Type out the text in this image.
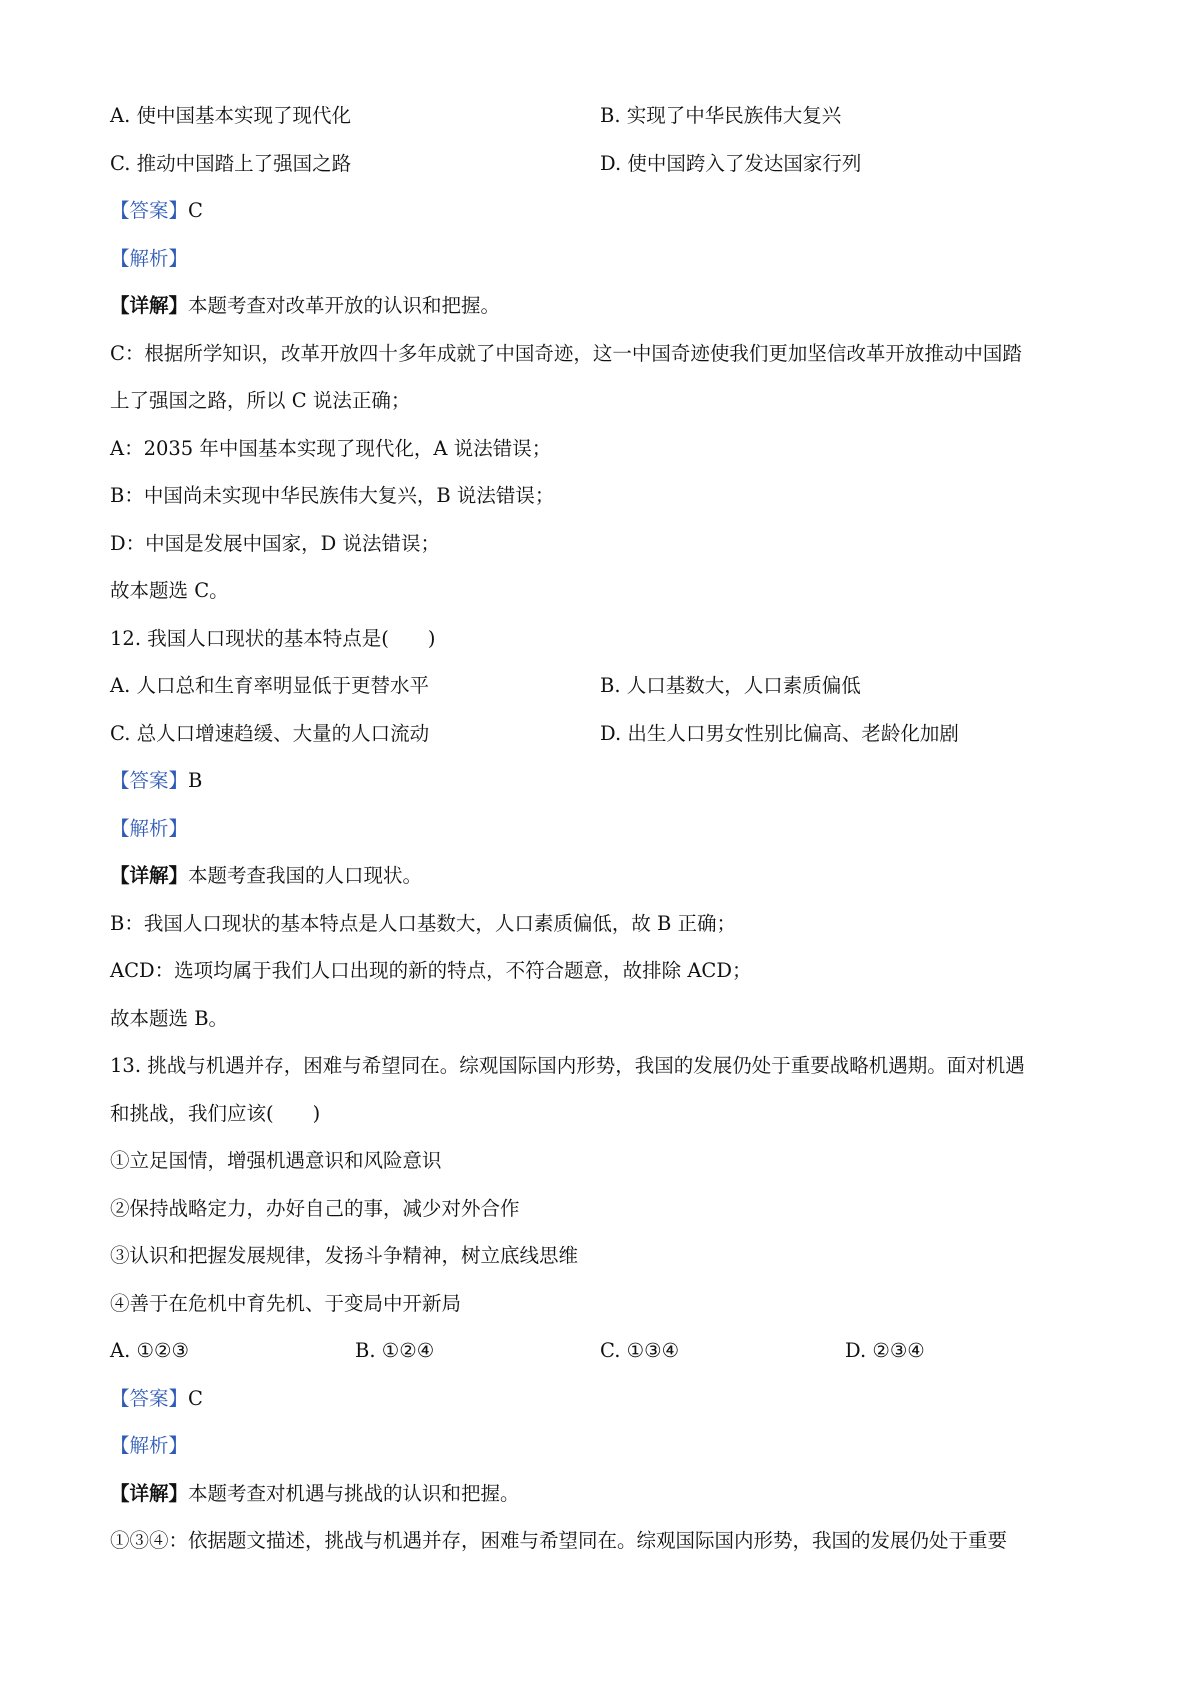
A. 使中国基本实现了现代化	B. 实现了中华民族伟大复兴
C. 推动中国踏上了强国之路	D. 使中国跨入了发达国家行列
【答案】C
【解析】
【详解】本题考查对改革开放的认识和把握。
C：根据所学知识，改革开放四十多年成就了中国奇迹，这一中国奇迹使我们更加坚信改革开放推动中国踏
上了强国之路，所以 C 说法正确；
A：2035 年中国基本实现了现代化，A 说法错误；
B：中国尚未实现中华民族伟大复兴，B 说法错误；
D：中国是发展中国家，D 说法错误；
故本题选 C。
12. 我国人口现状的基本特点是(　　)
A. 人口总和生育率明显低于更替水平	B. 人口基数大，人口素质偏低
C. 总人口增速趋缓、大量的人口流动	D. 出生人口男女性别比偏高、老龄化加剧
【答案】B
【解析】
【详解】本题考查我国的人口现状。
B：我国人口现状的基本特点是人口基数大，人口素质偏低，故 B 正确；
ACD：选项均属于我们人口出现的新的特点，不符合题意，故排除 ACD；
故本题选 B。
13. 挑战与机遇并存，困难与希望同在。综观国际国内形势，我国的发展仍处于重要战略机遇期。面对机遇
和挑战，我们应该(　　)
①立足国情，增强机遇意识和风险意识
②保持战略定力，办好自己的事，减少对外合作
③认识和把握发展规律，发扬斗争精神，树立底线思维
④善于在危机中育先机、于变局中开新局
A. ①②③	B. ①②④	C. ①③④	D. ②③④
【答案】C
【解析】
【详解】本题考查对机遇与挑战的认识和把握。
①③④：依据题文描述，挑战与机遇并存，困难与希望同在。综观国际国内形势，我国的发展仍处于重要
